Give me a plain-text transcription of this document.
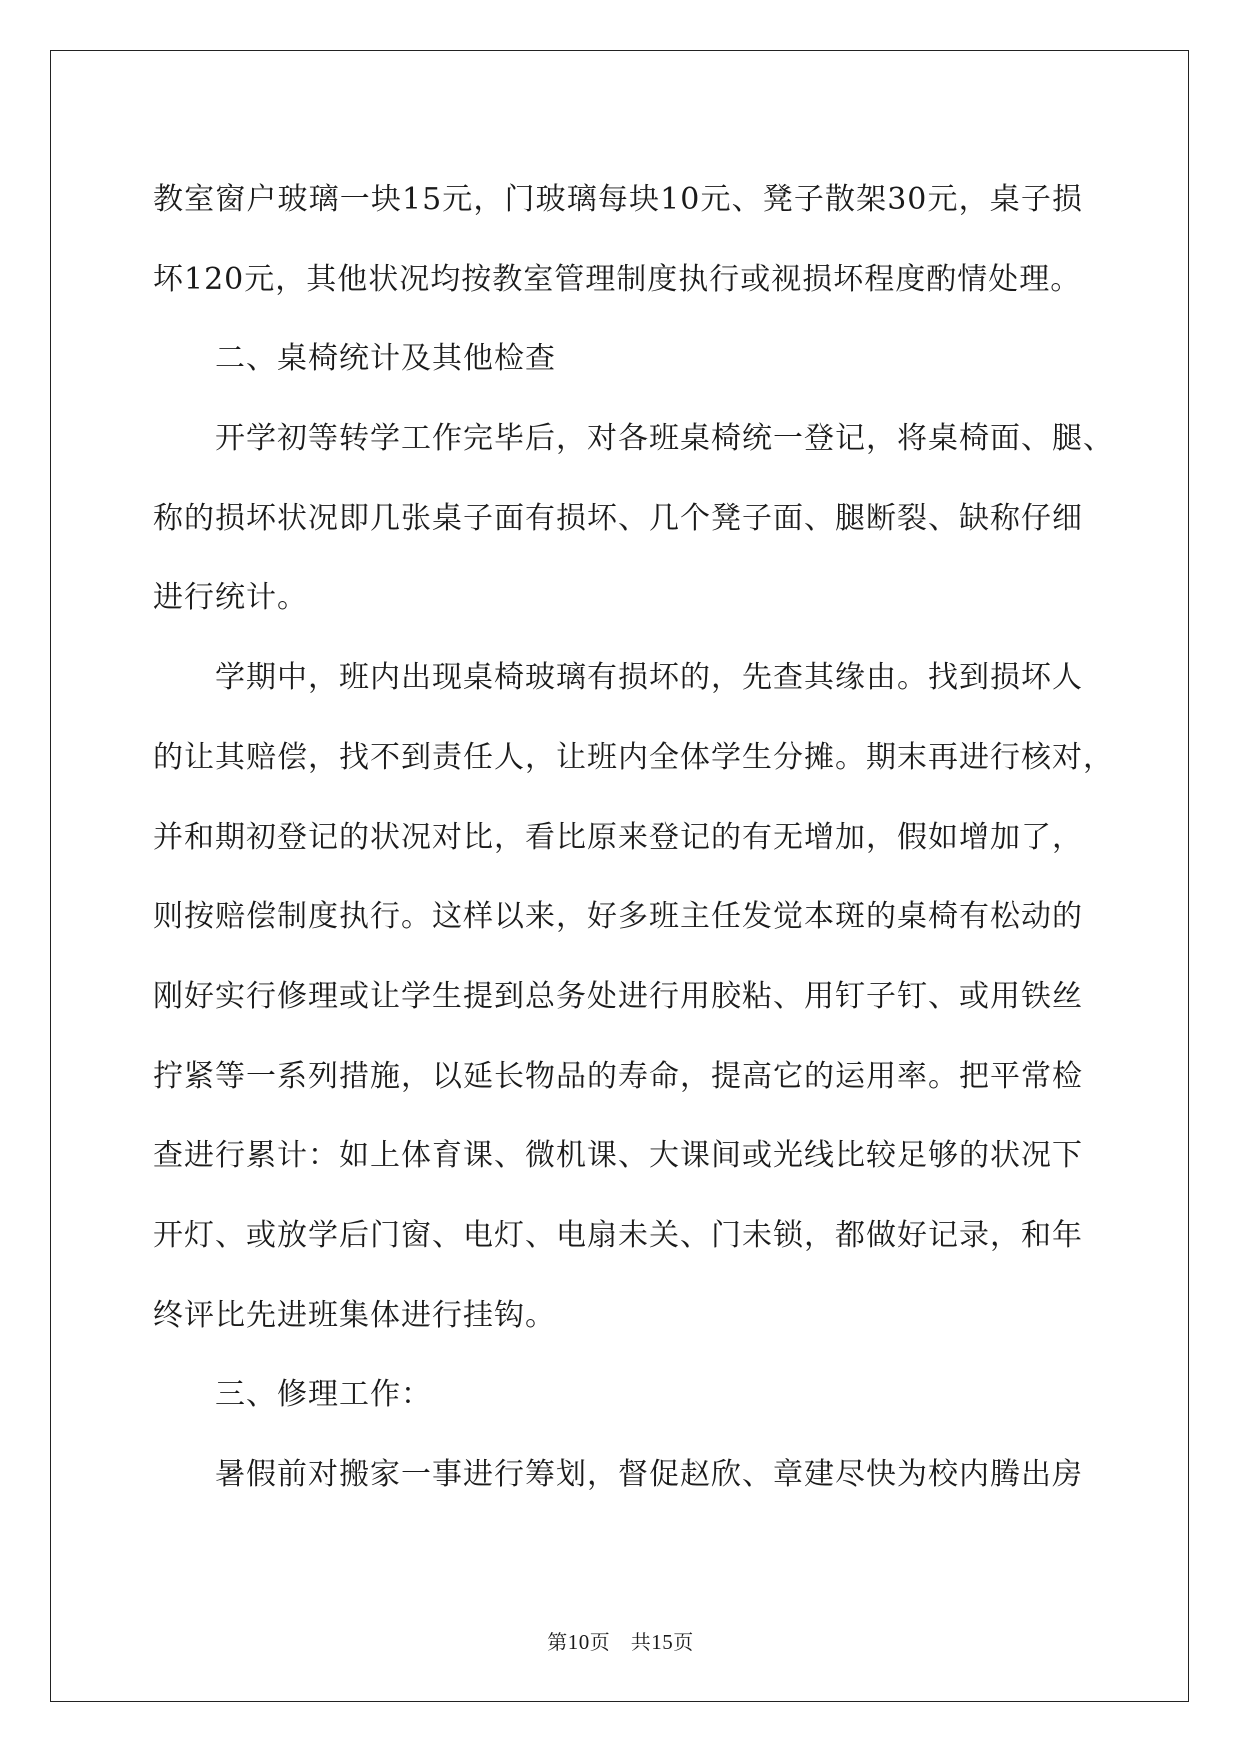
教室窗户玻璃一块15元，门玻璃每块10元、凳子散架30元，桌子损
坏120元，其他状况均按教室管理制度执行或视损坏程度酌情处理。
二、桌椅统计及其他检查
开学初等转学工作完毕后，对各班桌椅统一登记，将桌椅面、腿、
称的损坏状况即几张桌子面有损坏、几个凳子面、腿断裂、缺称仔细
进行统计。
学期中，班内出现桌椅玻璃有损坏的，先查其缘由。找到损坏人
的让其赔偿，找不到责任人，让班内全体学生分摊。期末再进行核对，
并和期初登记的状况对比，看比原来登记的有无增加，假如增加了，
则按赔偿制度执行。这样以来，好多班主任发觉本斑的桌椅有松动的
刚好实行修理或让学生提到总务处进行用胶粘、用钉子钉、或用铁丝
拧紧等一系列措施，以延长物品的寿命，提高它的运用率。把平常检
查进行累计：如上体育课、微机课、大课间或光线比较足够的状况下
开灯、或放学后门窗、电灯、电扇未关、门未锁，都做好记录，和年
终评比先进班集体进行挂钩。
三、修理工作：
暑假前对搬家一事进行筹划，督促赵欣、章建尽快为校内腾出房
第10页 共15页
